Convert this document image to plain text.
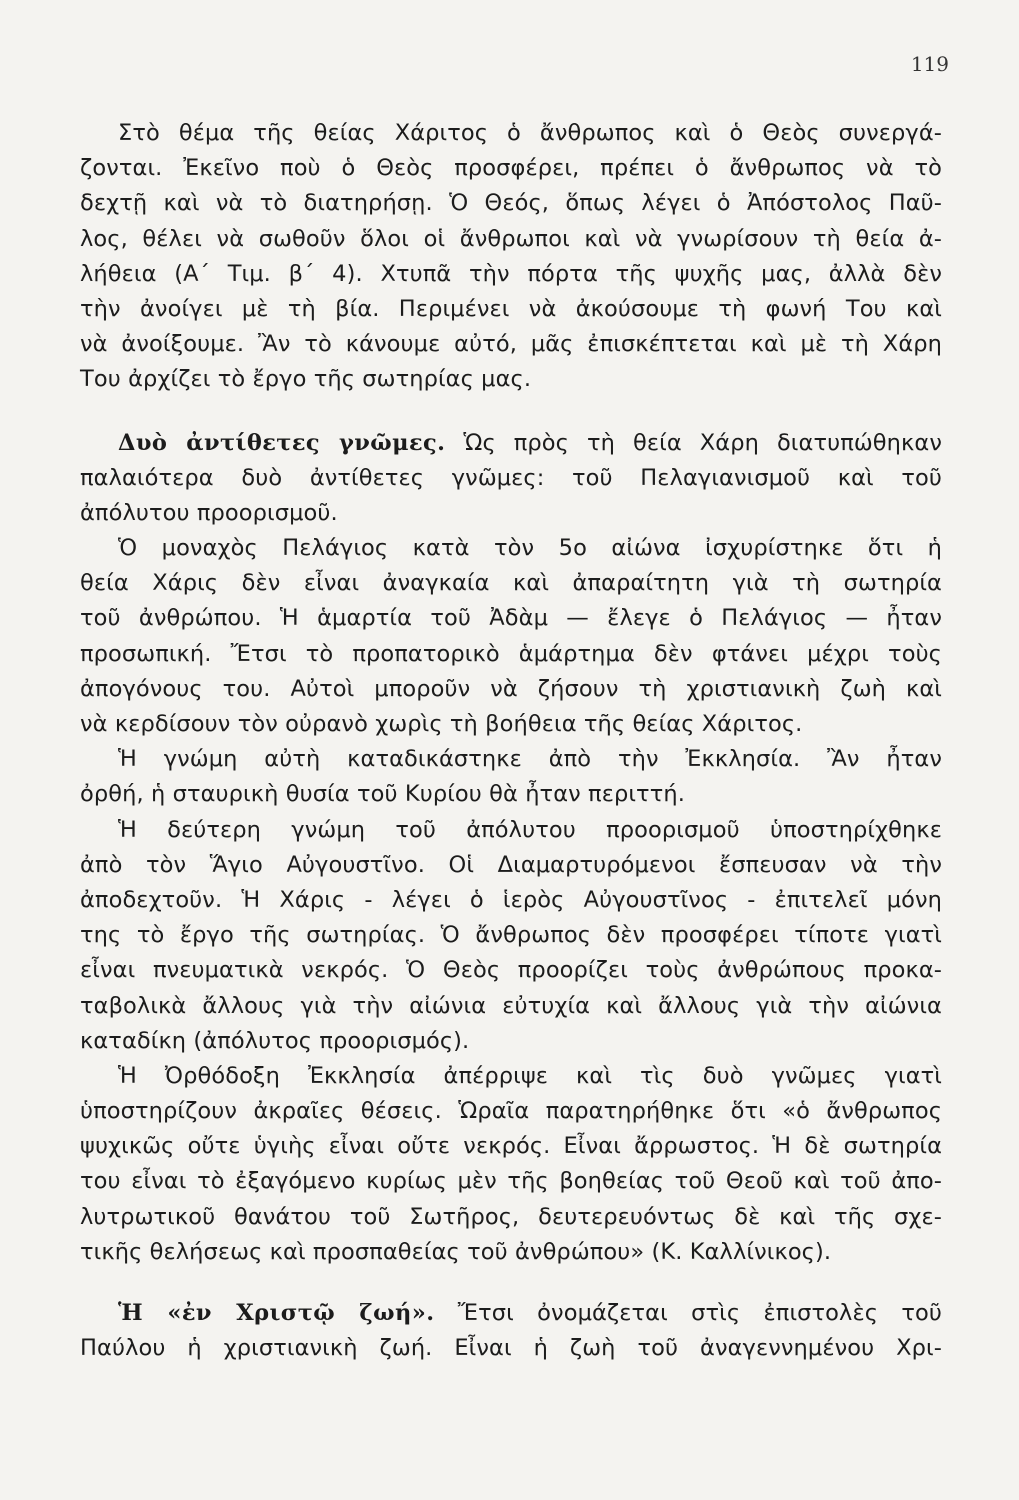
119
Στὸ θέμα τῆς θείας Χάριτος ὁ ἄνθρωπος καὶ ὁ Θεὸς συνεργά-
ζονται. Ἐκεῖνο ποὺ ὁ Θεὸς προσφέρει, πρέπει ὁ ἄνθρωπος νὰ τὸ
δεχτῇ καὶ νὰ τὸ διατηρήσῃ. Ὁ Θεός, ὅπως λέγει ὁ Ἀπόστολος Παῦ-
λος, θέλει νὰ σωθοῦν ὅλοι οἱ ἄνθρωποι καὶ νὰ γνωρίσουν τὴ θεία ἀ-
λήθεια (Α΄ Τιμ. β΄ 4). Χτυπᾶ τὴν πόρτα τῆς ψυχῆς μας, ἀλλὰ δὲν
τὴν ἀνοίγει μὲ τὴ βία. Περιμένει νὰ ἀκούσουμε τὴ φωνή Του καὶ
νὰ ἀνοίξουμε. Ἂν τὸ κάνουμε αὐτό, μᾶς ἐπισκέπτεται καὶ μὲ τὴ Χάρη
Του ἀρχίζει τὸ ἔργο τῆς σωτηρίας μας.
Δυὸ ἀντίθετες γνῶμες. Ὡς πρὸς τὴ θεία Χάρη διατυπώθηκαν
παλαιότερα δυὸ ἀντίθετες γνῶμες: τοῦ Πελαγιανισμοῦ καὶ τοῦ
ἀπόλυτου προορισμοῦ.
Ὁ μοναχὸς Πελάγιος κατὰ τὸν 5ο αἰώνα ἰσχυρίστηκε ὅτι ἡ
θεία Χάρις δὲν εἶναι ἀναγκαία καὶ ἀπαραίτητη γιὰ τὴ σωτηρία
τοῦ ἀνθρώπου. Ἡ ἁμαρτία τοῦ Ἀδὰμ — ἔλεγε ὁ Πελάγιος — ἦταν
προσωπική. Ἔτσι τὸ προπατορικὸ ἁμάρτημα δὲν φτάνει μέχρι τοὺς
ἀπογόνους του. Αὐτοὶ μποροῦν νὰ ζήσουν τὴ χριστιανικὴ ζωὴ καὶ
νὰ κερδίσουν τὸν οὐρανὸ χωρὶς τὴ βοήθεια τῆς θείας Χάριτος.
Ἡ γνώμη αὐτὴ καταδικάστηκε ἀπὸ τὴν Ἐκκλησία. Ἂν ἦταν
ὀρθή, ἡ σταυρικὴ θυσία τοῦ Κυρίου θὰ ἦταν περιττή.
Ἡ δεύτερη γνώμη τοῦ ἀπόλυτου προορισμοῦ ὑποστηρίχθηκε
ἀπὸ τὸν Ἅγιο Αὐγουστῖνο. Οἱ Διαμαρτυρόμενοι ἔσπευσαν νὰ τὴν
ἀποδεχτοῦν. Ἡ Χάρις - λέγει ὁ ἱερὸς Αὐγουστῖνος - ἐπιτελεῖ μόνη
της τὸ ἔργο τῆς σωτηρίας. Ὁ ἄνθρωπος δὲν προσφέρει τίποτε γιατὶ
εἶναι πνευματικὰ νεκρός. Ὁ Θεὸς προορίζει τοὺς ἀνθρώπους προκα-
ταβολικὰ ἄλλους γιὰ τὴν αἰώνια εὐτυχία καὶ ἄλλους γιὰ τὴν αἰώνια
καταδίκη (ἀπόλυτος προορισμός).
Ἡ Ὀρθόδοξη Ἐκκλησία ἀπέρριψε καὶ τὶς δυὸ γνῶμες γιατὶ
ὑποστηρίζουν ἀκραῖες θέσεις. Ὡραῖα παρατηρήθηκε ὅτι «ὁ ἄνθρωπος
ψυχικῶς οὔτε ὑγιὴς εἶναι οὔτε νεκρός. Εἶναι ἄρρωστος. Ἡ δὲ σωτηρία
του εἶναι τὸ ἐξαγόμενο κυρίως μὲν τῆς βοηθείας τοῦ Θεοῦ καὶ τοῦ ἀπο-
λυτρωτικοῦ θανάτου τοῦ Σωτῆρος, δευτερευόντως δὲ καὶ τῆς σχε-
τικῆς θελήσεως καὶ προσπαθείας τοῦ ἀνθρώπου» (Κ. Καλλίνικος).
Ἡ «ἐν Χριστῷ ζωή». Ἔτσι ὀνομάζεται στὶς ἐπιστολὲς τοῦ
Παύλου ἡ χριστιανικὴ ζωή. Εἶναι ἡ ζωὴ τοῦ ἀναγεννημένου Χρι-
